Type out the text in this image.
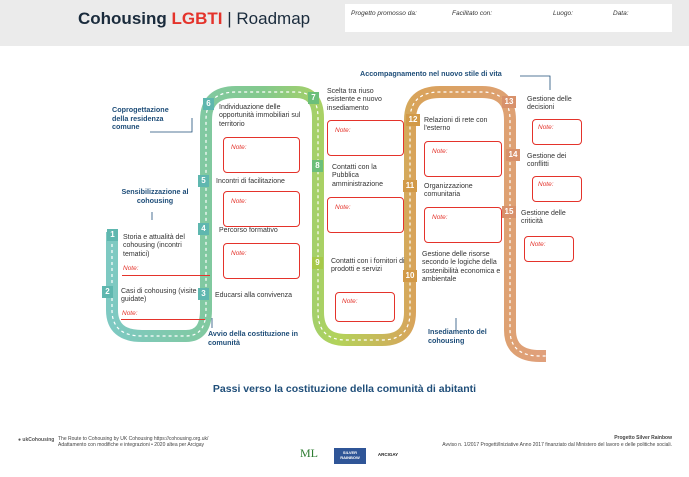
Cohousing LGBTI | Roadmap	Progetto promosso da:	Facilitato con:	Luogo:	Data:
Sensibilizzazione al cohousing
Coprogettazione della residenza comune
Avvio della costituzione in comunità
Insediamento del cohousing
Accompagnamento nel nuovo stile di vita
1
2	3
4
5
6
7
8
9
10
11
12
13
14
15
Storia e attualità del cohousing (incontri tematici)
Casi di cohousing (visite guidate)
Educarsi alla convivenza
Percorso formativo
Incontri di facilitazione
Individuazione delle opportunità immobiliari sul territorio
Scelta tra riuso esistente e nuovo insediamento
Contatti con la Pubblica amministrazione
Contatti con i fornitori di prodotti e servizi
Gestione delle risorse secondo le logiche della sostenibilità economica e ambientale
Organizzazione comunitaria
Relazioni di rete con l'esterno
Gestione delle decisioni
Gestione dei conflitti
Gestione delle criticità
Note:
Note:
Note:
Note:
Note:
Note:
Note:
Note:
Note:
Note:
Note:
Note:
Note:
Passi verso la costituzione della comunità di abitanti
● ukCohousing The Route to Cohousing by UK Cohousing https://cohousing.org.uk/
Adattamento con modifiche e integrazioni • 2020 altea per Arcigay
Progetto Silver Rainbow
Avviso n. 1/2017 Progetti/Iniziative Anno 2017 finanziato dal Ministero del lavoro e delle politiche sociali.
ML	SILVER RAINBOW
ARCIGAY
